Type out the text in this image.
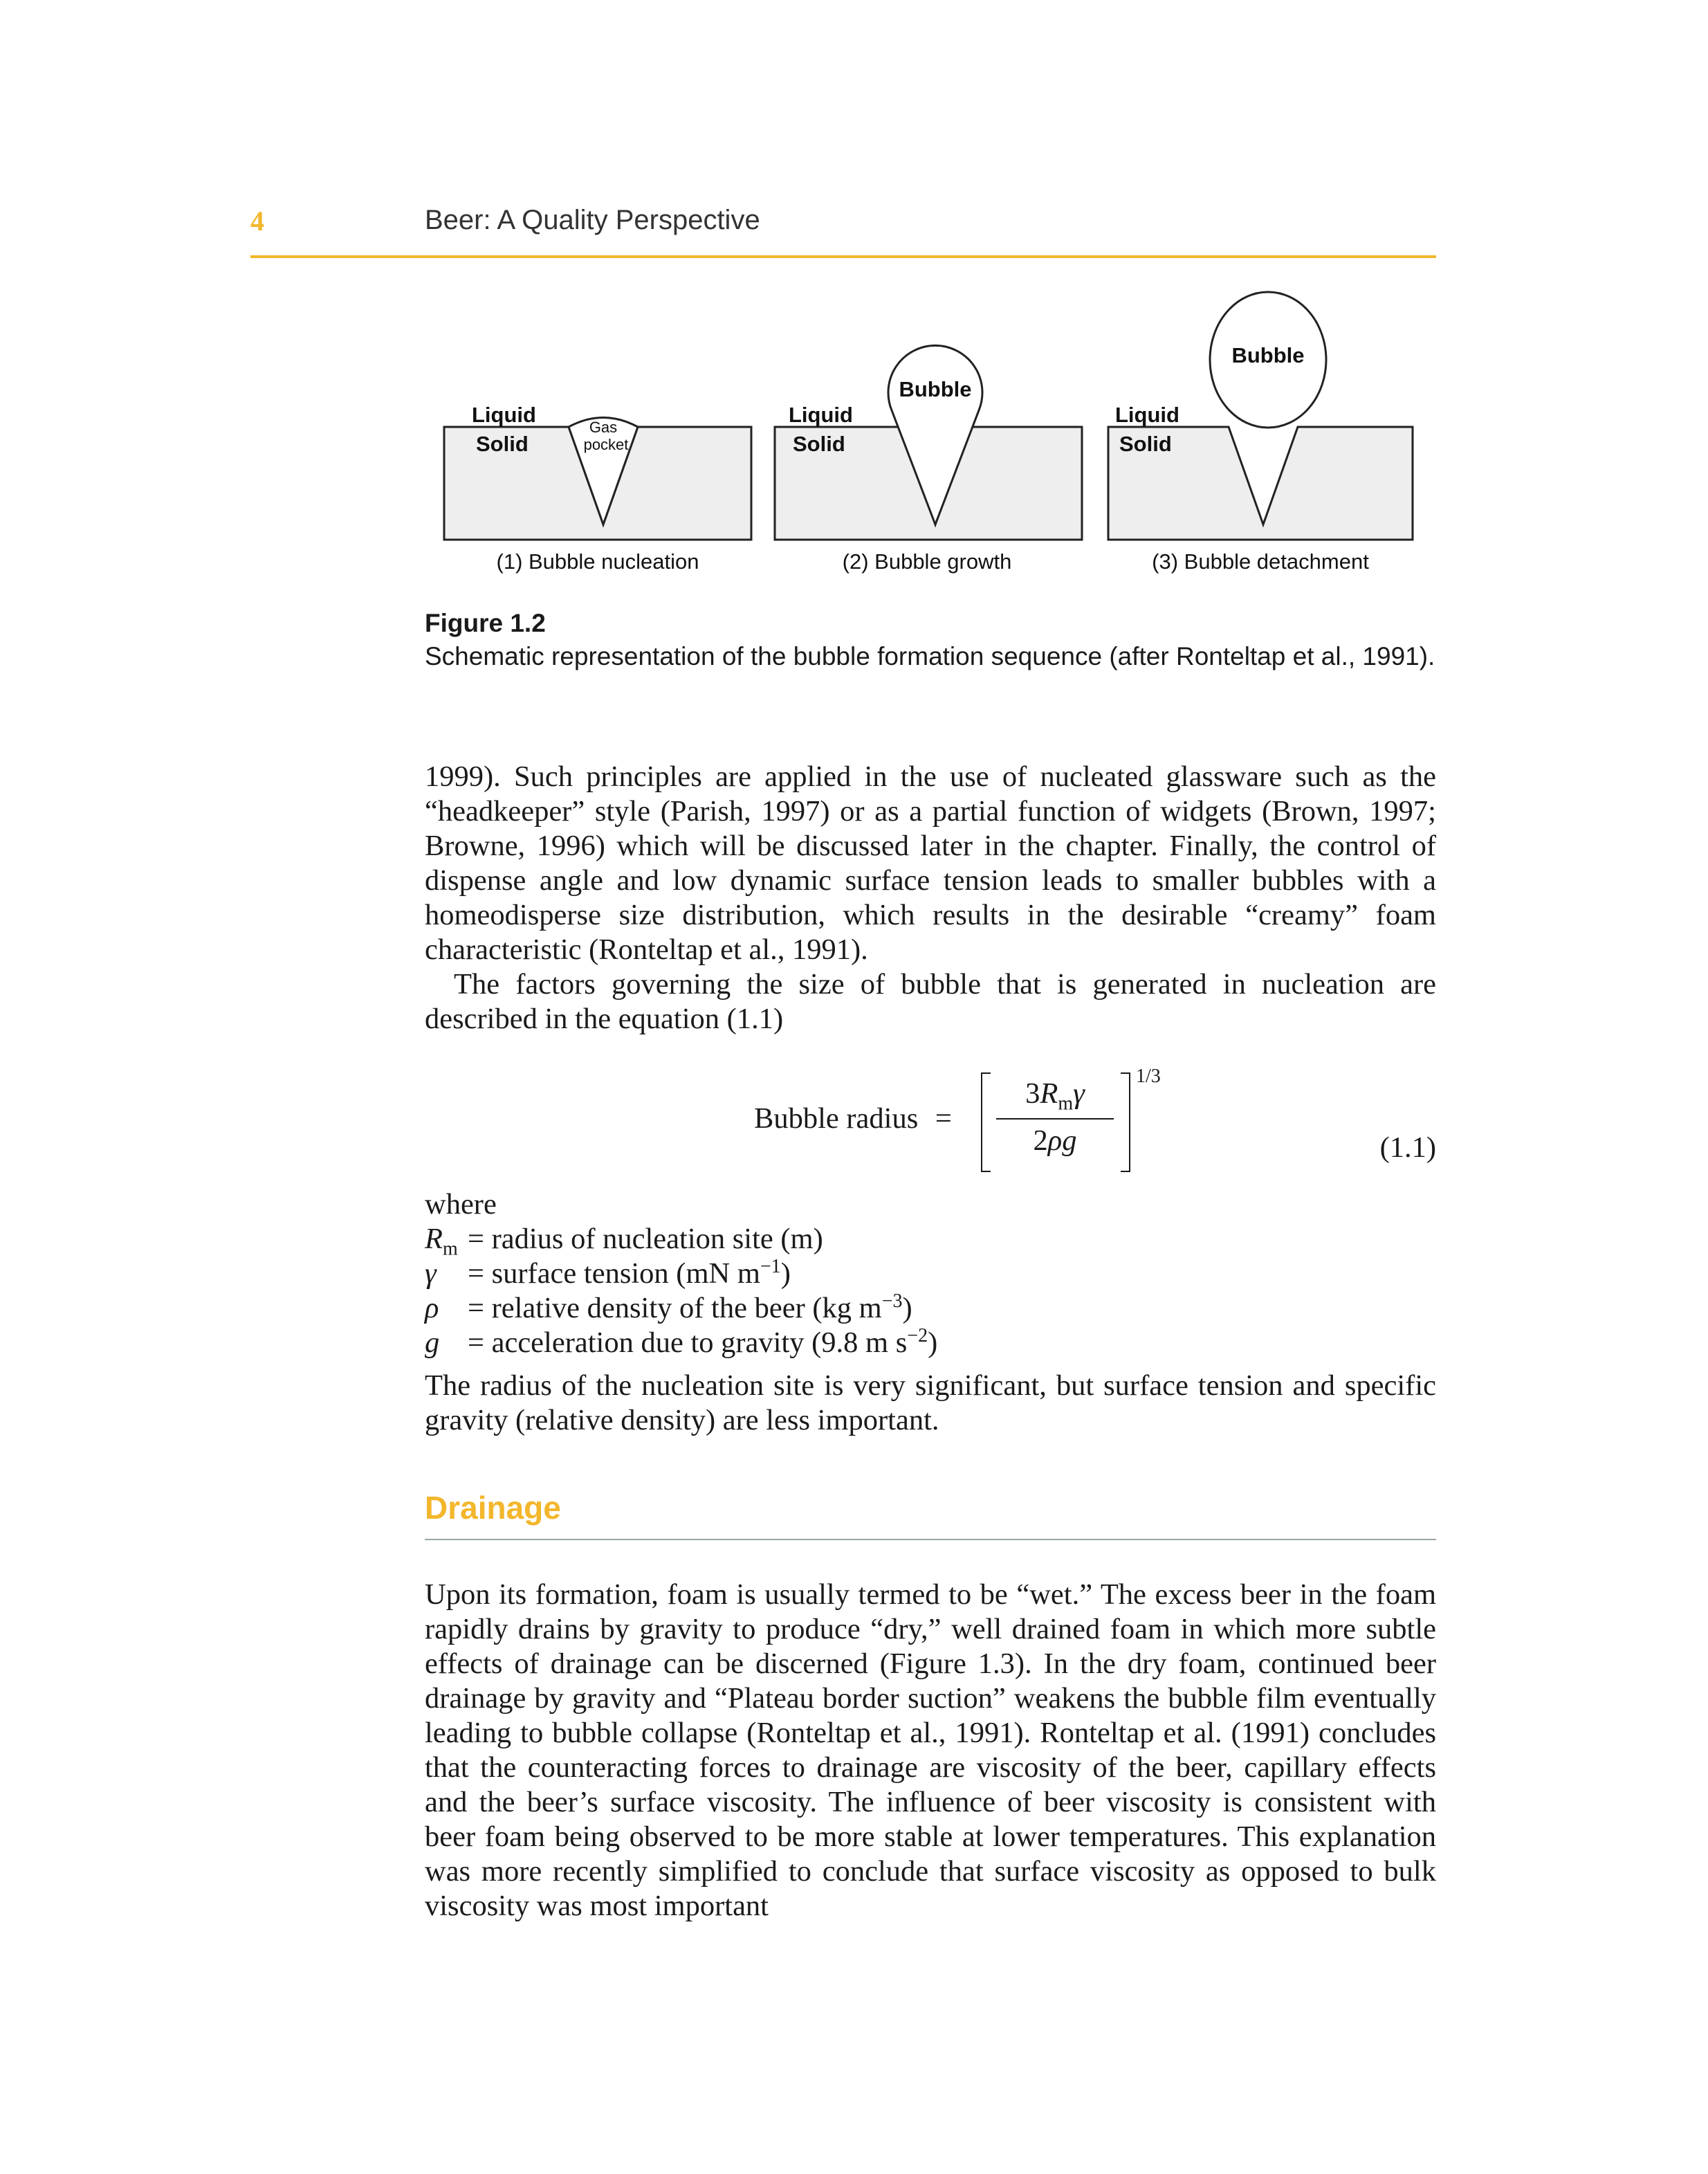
4	Beer: A Quality Perspective
Liquid
Solid
Gas
pocket
(1) Bubble nucleation
Liquid
Solid
Bubble
(2) Bubble growth
Liquid
Solid
Bubble
(3) Bubble detachment
Figure 1.2
Schematic representation of the bubble formation sequence (after Ronteltap et al., 1991).

1999). Such principles are applied in the use of nucleated glassware such as the “headkeeper” style (Parish, 1997) or as a partial function of widgets (Brown, 1997; Browne, 1996) which will be discussed later in the chapter. Finally, the control of dispense angle and low dynamic surface tension leads to smaller bubbles with a homeodisperse size distribution, which results in the desirable “creamy” foam characteristic (Ronteltap et al., 1991).

The factors governing the size of bubble that is generated in nucleation are described in the equation (1.1)

Bubble radius =
$3R_m\gamma$
2ρg
1/3
(1.1)
where
$R_m$ = radius of nucleation site (m)
γ = surface tension (mN $m^{-1}$)
ρ = relative density of the beer (kg $m^{-3}$)
g = acceleration due to gravity (9.8 m $s^{-2}$)

The radius of the nucleation site is very significant, but surface tension and specific gravity (relative density) are less important.

Drainage

Upon its formation, foam is usually termed to be “wet.” The excess beer in the foam rapidly drains by gravity to produce “dry,” well drained foam in which more subtle effects of drainage can be discerned (Figure 1.3). In the dry foam, continued beer drainage by gravity and “Plateau border suction” weakens the bubble film eventually leading to bubble collapse (Ronteltap et al., 1991). Ronteltap et al. (1991) concludes that the counteracting forces to drainage are viscosity of the beer, capillary effects and the beer’s surface viscosity. The influence of beer viscosity is consistent with beer foam being observed to be more stable at lower temperatures. This explanation was more recently simplified to conclude that surface viscosity as opposed to bulk viscosity was most important
